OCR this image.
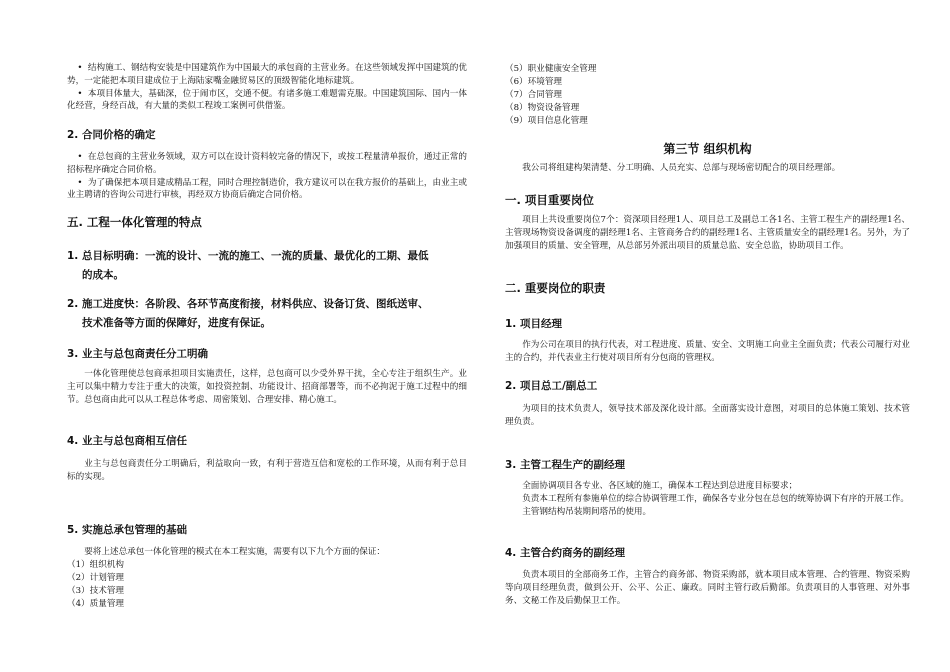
• 结构施工、钢结构安装是中国建筑作为中国最大的承包商的主营业务。在这些领域发挥中国建筑的优势，一定能把本项目建成位于上海陆家嘴金融贸易区的顶级智能化地标建筑。

• 本项目体量大，基础深，位于闹市区，交通不便。有诸多施工难题需克服。中国建筑国际、国内一体化经营，身经百战，有大量的类似工程竣工案例可供借鉴。

2. 合同价格的确定

• 在总包商的主营业务领域，双方可以在设计资料较完备的情况下，或按工程量清单报价，通过正常的招标程序确定合同价格。

• 为了确保把本项目建成精品工程，同时合理控制造价，我方建议可以在我方报价的基础上，由业主或业主聘请的咨询公司进行审核，再经双方协商后确定合同价格。

五. 工程一体化管理的特点

1. 总目标明确：一流的设计、一流的施工、一流的质量、最优化的工期、最低
的成本。

2. 施工进度快：各阶段、各环节高度衔接，材料供应、设备订货、图纸送审、
技术准备等方面的保障好，进度有保证。

3. 业主与总包商责任分工明确

一体化管理使总包商承担项目实施责任，这样，总包商可以少受外界干扰，全心专注于组织生产。业主可以集中精力专注于重大的决策，如投资控制、功能设计、招商部署等，而不必拘泥于施工过程中的细节。总包商由此可以从工程总体考虑、周密策划、合理安排、精心施工。

4. 业主与总包商相互信任

业主与总包商责任分工明确后，利益取向一致，有利于营造互信和宽松的工作环境，从而有利于总目标的实现。

5. 实施总承包管理的基础

要将上述总承包一体化管理的模式在本工程实施，需要有以下九个方面的保证：

（1）组织机构

（2）计划管理

（3）技术管理

（4）质量管理

（5）职业健康安全管理

（6）环境管理

（7）合同管理

（8）物资设备管理

（9）项目信息化管理

第三节 组织机构

我公司将组建构架清楚、分工明确、人员充实、总部与现场密切配合的项目经理部。

一. 项目重要岗位

项目上共设重要岗位7个：资深项目经理1人、项目总工及副总工各1名、主管工程生产的副经理1名、主管现场物资设备调度的副经理1名、主管商务合约的副经理1名、主管质量安全的副经理1名。另外，为了加强项目的质量、安全管理，从总部另外派出项目的质量总监、安全总监，协助项目工作。

二. 重要岗位的职责

1. 项目经理

作为公司在项目的执行代表，对工程进度、质量、安全、文明施工向业主全面负责；代表公司履行对业主的合约，并代表业主行使对项目所有分包商的管理权。

2. 项目总工/副总工

为项目的技术负责人，领导技术部及深化设计部。全面落实设计意图，对项目的总体施工策划、技术管理负责。

3. 主管工程生产的副经理

全面协调项目各专业、各区域的施工，确保本工程达到总进度目标要求；

负责本工程所有参施单位的综合协调管理工作，确保各专业分包在总包的统筹协调下有序的开展工作。

主管钢结构吊装期间塔吊的使用。

4. 主管合约商务的副经理

负责本项目的全部商务工作，主管合约商务部、物资采购部，就本项目成本管理、合约管理、物资采购等向项目经理负责，做到公开、公平、公正、廉政。同时主管行政后勤部。负责项目的人事管理、对外事务、文秘工作及后勤保卫工作。
